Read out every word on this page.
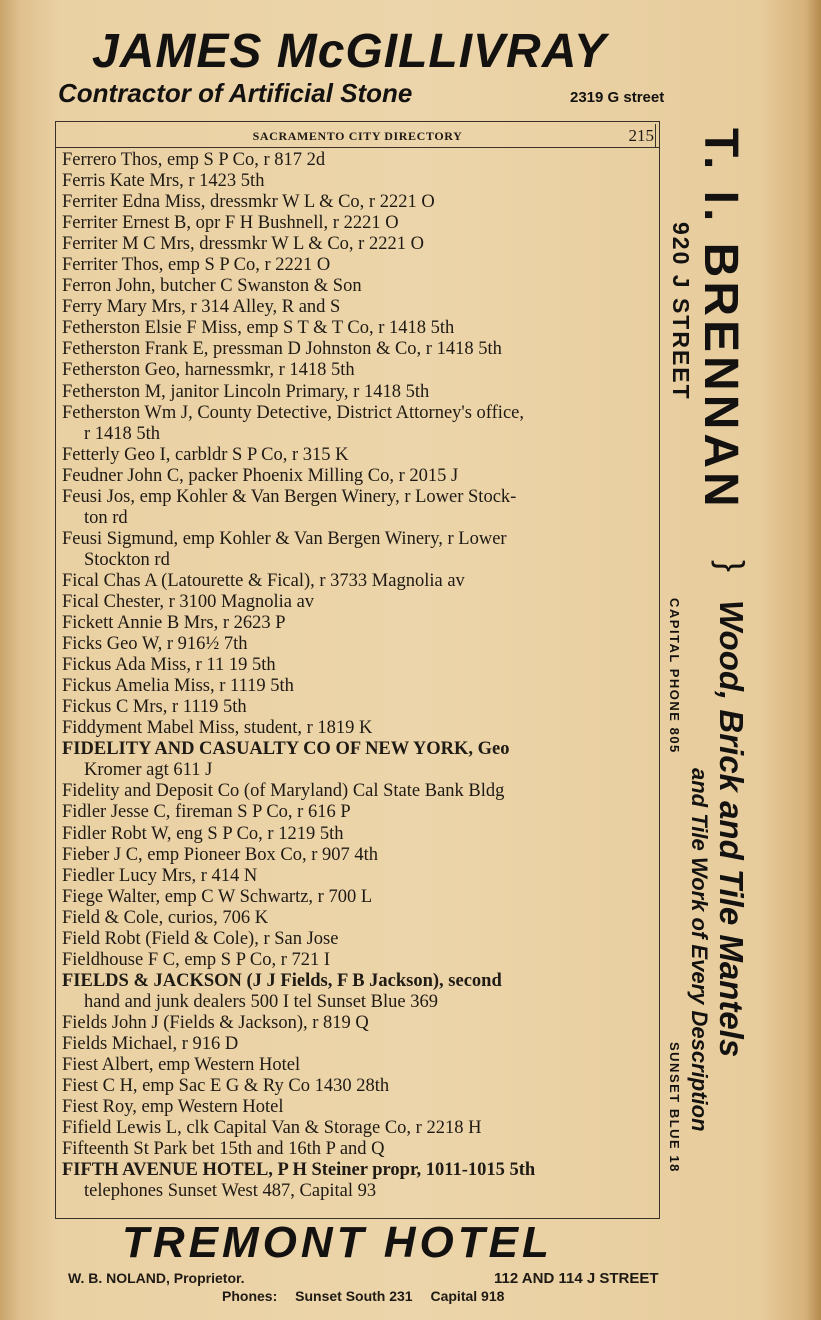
JAMES McGILLIVRAY
Contractor of Artificial Stone	2319 G street
SACRAMENTO CITY DIRECTORY	215
Ferrero Thos, emp S P Co, r 817 2d
Ferris Kate Mrs, r 1423 5th
Ferriter Edna Miss, dressmkr W L & Co, r 2221 O
Ferriter Ernest B, opr F H Bushnell, r 2221 O
Ferriter M C Mrs, dressmkr W L & Co, r 2221 O
Ferriter Thos, emp S P Co, r 2221 O
Ferron John, butcher C Swanston & Son
Ferry Mary Mrs, r 314 Alley, R and S
Fetherston Elsie F Miss, emp S T & T Co, r 1418 5th
Fetherston Frank E, pressman D Johnston & Co, r 1418 5th
Fetherston Geo, harnessmkr, r 1418 5th
Fetherston M, janitor Lincoln Primary, r 1418 5th
Fetherston Wm J, County Detective, District Attorney's office,
r 1418 5th
Fetterly Geo I, carbldr S P Co, r 315 K
Feudner John C, packer Phoenix Milling Co, r 2015 J
Feusi Jos, emp Kohler & Van Bergen Winery, r Lower Stock-
ton rd
Feusi Sigmund, emp Kohler & Van Bergen Winery, r Lower
Stockton rd
Fical Chas A (Latourette & Fical), r 3733 Magnolia av
Fical Chester, r 3100 Magnolia av
Fickett Annie B Mrs, r 2623 P
Ficks Geo W, r 916½ 7th
Fickus Ada Miss, r 11 19 5th
Fickus Amelia Miss, r 1119 5th
Fickus C Mrs, r 1119 5th
Fiddyment Mabel Miss, student, r 1819 K
FIDELITY AND CASUALTY CO OF NEW YORK, Geo
Kromer agt 611 J
Fidelity and Deposit Co (of Maryland) Cal State Bank Bldg
Fidler Jesse C, fireman S P Co, r 616 P
Fidler Robt W, eng S P Co, r 1219 5th
Fieber J C, emp Pioneer Box Co, r 907 4th
Fiedler Lucy Mrs, r 414 N
Fiege Walter, emp C W Schwartz, r 700 L
Field & Cole, curios, 706 K
Field Robt (Field & Cole), r San Jose
Fieldhouse F C, emp S P Co, r 721 I
FIELDS & JACKSON (J J Fields, F B Jackson), second
hand and junk dealers 500 I tel Sunset Blue 369
Fields John J (Fields & Jackson), r 819 Q
Fields Michael, r 916 D
Fiest Albert, emp Western Hotel
Fiest C H, emp Sac E G & Ry Co 1430 28th
Fiest Roy, emp Western Hotel
Fifield Lewis L, clk Capital Van & Storage Co, r 2218 H
Fifteenth St Park bet 15th and 16th P and Q
FIFTH AVENUE HOTEL, P H Steiner propr, 1011-1015 5th
telephones Sunset West 487, Capital 93
T. I. BRENNAN
920 J STREET
}
Wood, Brick and Tile Mantels
and Tile Work of Every Description
CAPITAL PHONE 805
SUNSET BLUE 18
TREMONT HOTEL
W. B. NOLAND, Proprietor.	112 AND 114 J STREET
Phones: Sunset South 231 Capital 918
